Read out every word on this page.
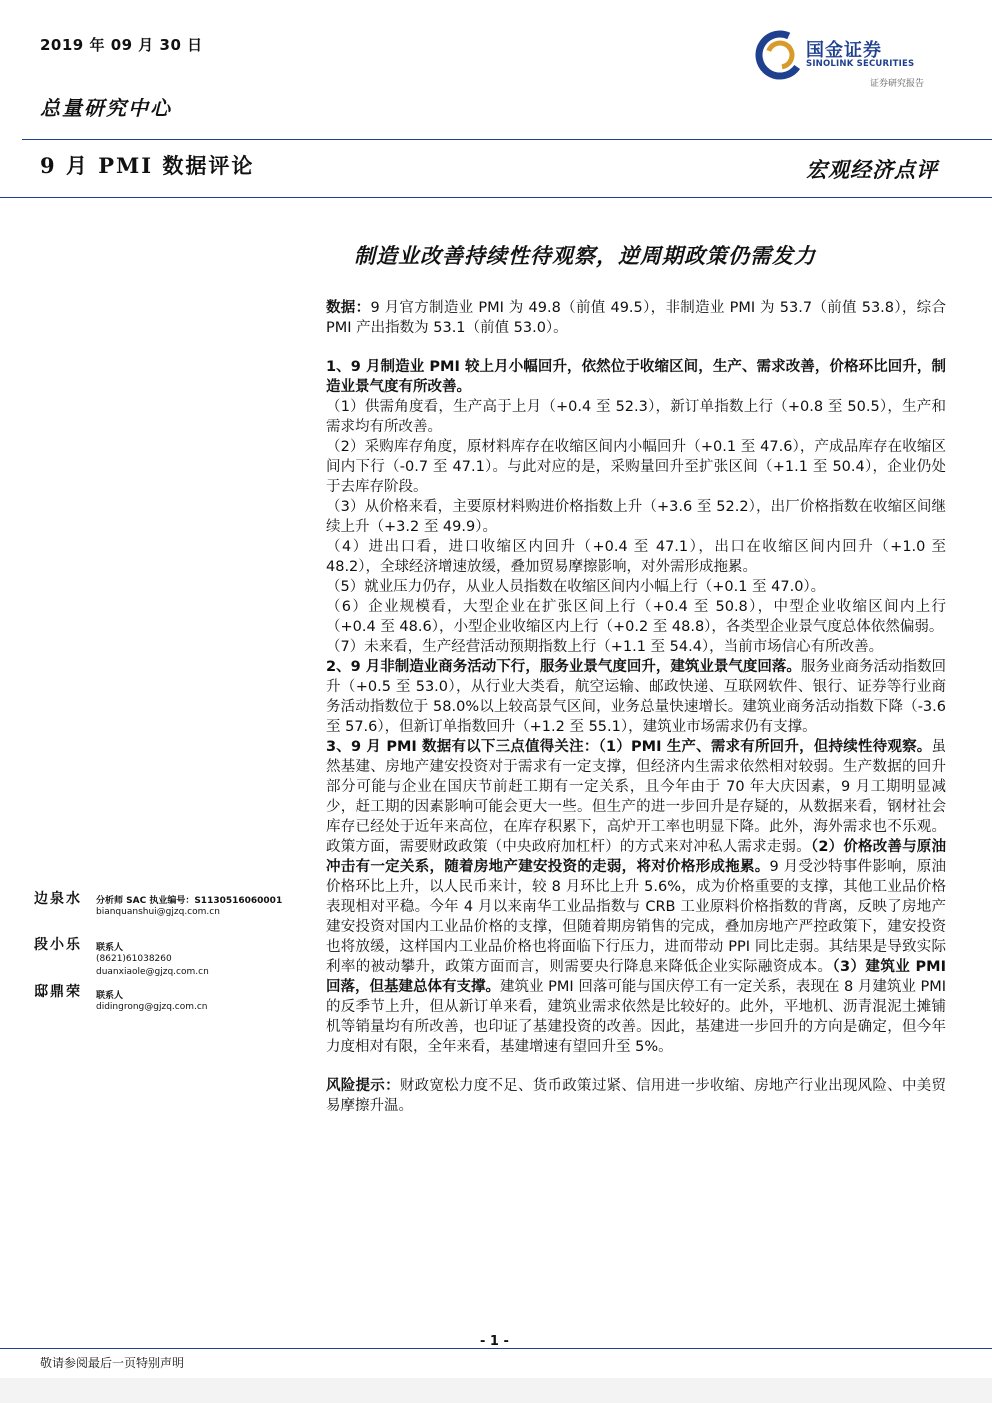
2019 年 09 月 30 日
总量研究中心
9 月 PMI 数据评论
国金证券
SINOLINK SECURITIES
证券研究报告
宏观经济点评
制造业改善持续性待观察，逆周期政策仍需发力

数据：9 月官方制造业 PMI 为 49.8（前值 49.5），非制造业 PMI 为 53.7（前值 53.8），综合 PMI 产出指数为 53.1（前值 53.0）。

1、9 月制造业 PMI 较上月小幅回升，依然位于收缩区间，生产、需求改善，价格环比回升，制造业景气度有所改善。

（1）供需角度看，生产高于上月（+0.4 至 52.3），新订单指数上行（+0.8 至 50.5），生产和需求均有所改善。

（2）采购库存角度，原材料库存在收缩区间内小幅回升（+0.1 至 47.6），产成品库存在收缩区间内下行（-0.7 至 47.1）。与此对应的是，采购量回升至扩张区间（+1.1 至 50.4），企业仍处于去库存阶段。

（3）从价格来看，主要原材料购进价格指数上升（+3.6 至 52.2），出厂价格指数在收缩区间继续上升（+3.2 至 49.9）。

（4）进出口看，进口收缩区内回升（+0.4 至 47.1），出口在收缩区间内回升（+1.0 至 48.2），全球经济增速放缓，叠加贸易摩擦影响，对外需形成拖累。

（5）就业压力仍存，从业人员指数在收缩区间内小幅上行（+0.1 至 47.0）。

（6）企业规模看，大型企业在扩张区间上行（+0.4 至 50.8），中型企业收缩区间内上行（+0.4 至 48.6），小型企业收缩区内上行（+0.2 至 48.8），各类型企业景气度总体依然偏弱。

（7）未来看，生产经营活动预期指数上行（+1.1 至 54.4），当前市场信心有所改善。

2、9 月非制造业商务活动下行，服务业景气度回升，建筑业景气度回落。服务业商务活动指数回升（+0.5 至 53.0），从行业大类看，航空运输、邮政快递、互联网软件、银行、证券等行业商务活动指数位于 58.0%以上较高景气区间，业务总量快速增长。建筑业商务活动指数下降（-3.6 至 57.6），但新订单指数回升（+1.2 至 55.1），建筑业市场需求仍有支撑。

3、9 月 PMI 数据有以下三点值得关注：（1）PMI 生产、需求有所回升，但持续性待观察。虽然基建、房地产建安投资对于需求有一定支撑，但经济内生需求依然相对较弱。生产数据的回升部分可能与企业在国庆节前赶工期有一定关系，且今年由于 70 年大庆因素，9 月工期明显减少，赶工期的因素影响可能会更大一些。但生产的进一步回升是存疑的，从数据来看，钢材社会库存已经处于近年来高位，在库存积累下，高炉开工率也明显下降。此外，海外需求也不乐观。政策方面，需要财政政策（中央政府加杠杆）的方式来对冲私人需求走弱。（2）价格改善与原油冲击有一定关系，随着房地产建安投资的走弱，将对价格形成拖累。9 月受沙特事件影响，原油价格环比上升，以人民币来计，较 8 月环比上升 5.6%，成为价格重要的支撑，其他工业品价格表现相对平稳。今年 4 月以来南华工业品指数与 CRB 工业原料价格指数的背离，反映了房地产建安投资对国内工业品价格的支撑，但随着期房销售的完成，叠加房地产严控政策下，建安投资也将放缓，这样国内工业品价格也将面临下行压力，进而带动 PPI 同比走弱。其结果是导致实际利率的被动攀升，政策方面而言，则需要央行降息来降低企业实际融资成本。（3）建筑业 PMI 回落，但基建总体有支撑。建筑业 PMI 回落可能与国庆停工有一定关系，表现在 8 月建筑业 PMI 的反季节上升，但从新订单来看，建筑业需求依然是比较好的。此外，平地机、沥青混泥土摊铺机等销量均有所改善，也印证了基建投资的改善。因此，基建进一步回升的方向是确定，但今年力度相对有限，全年来看，基建增速有望回升至 5%。

风险提示：财政宽松力度不足、货币政策过紧、信用进一步收缩、房地产行业出现风险、中美贸易摩擦升温。

边泉水 分析师 SAC 执业编号：S1130516060001
bianquanshui@gjzq.com.cn
段小乐 联系人
(8621)61038260
duanxiaole@gjzq.com.cn
邸鼎荣 联系人
didingrong@gjzq.com.cn
- 1 -
敬请参阅最后一页特别声明
